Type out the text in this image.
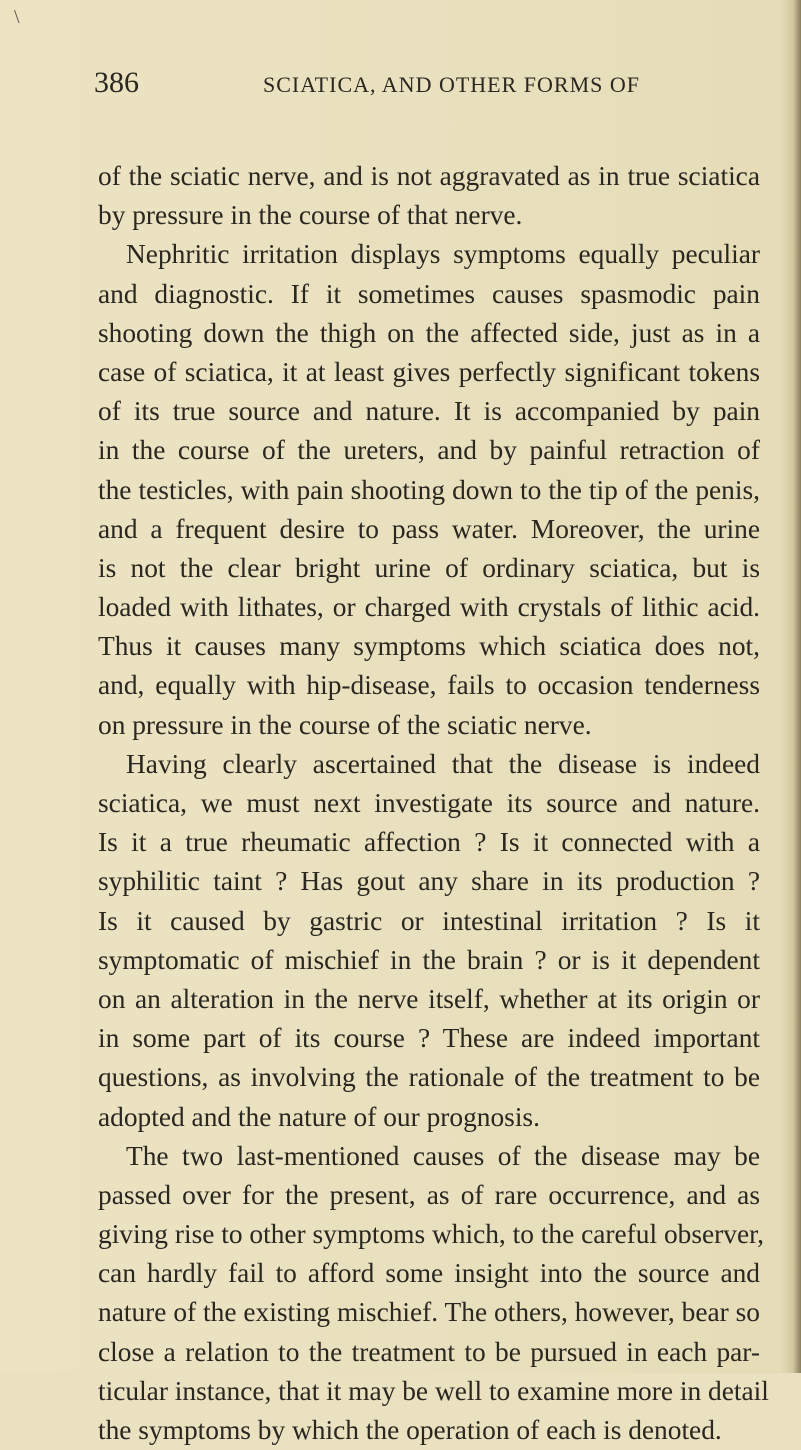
\
386	SCIATICA, AND OTHER FORMS OF
of the sciatic nerve, and is not aggravated as in true sciatica
by pressure in the course of that nerve.
Nephritic irritation displays symptoms equally peculiar
and diagnostic. If it sometimes causes spasmodic pain
shooting down the thigh on the affected side, just as in a
case of sciatica, it at least gives perfectly significant tokens
of its true source and nature. It is accompanied by pain
in the course of the ureters, and by painful retraction of
the testicles, with pain shooting down to the tip of the penis,
and a frequent desire to pass water. Moreover, the urine
is not the clear bright urine of ordinary sciatica, but is
loaded with lithates, or charged with crystals of lithic acid.
Thus it causes many symptoms which sciatica does not,
and, equally with hip-disease, fails to occasion tenderness
on pressure in the course of the sciatic nerve.
Having clearly ascertained that the disease is indeed
sciatica, we must next investigate its source and nature.
Is it a true rheumatic affection ? Is it connected with a
syphilitic taint ? Has gout any share in its production ?
Is it caused by gastric or intestinal irritation ? Is it
symptomatic of mischief in the brain ? or is it dependent
on an alteration in the nerve itself, whether at its origin or
in some part of its course ? These are indeed important
questions, as involving the rationale of the treatment to be
adopted and the nature of our prognosis.
The two last-mentioned causes of the disease may be
passed over for the present, as of rare occurrence, and as
giving rise to other symptoms which, to the careful observer,
can hardly fail to afford some insight into the source and
nature of the existing mischief. The others, however, bear so
close a relation to the treatment to be pursued in each par-
ticular instance, that it may be well to examine more in detail
the symptoms by which the operation of each is denoted.
